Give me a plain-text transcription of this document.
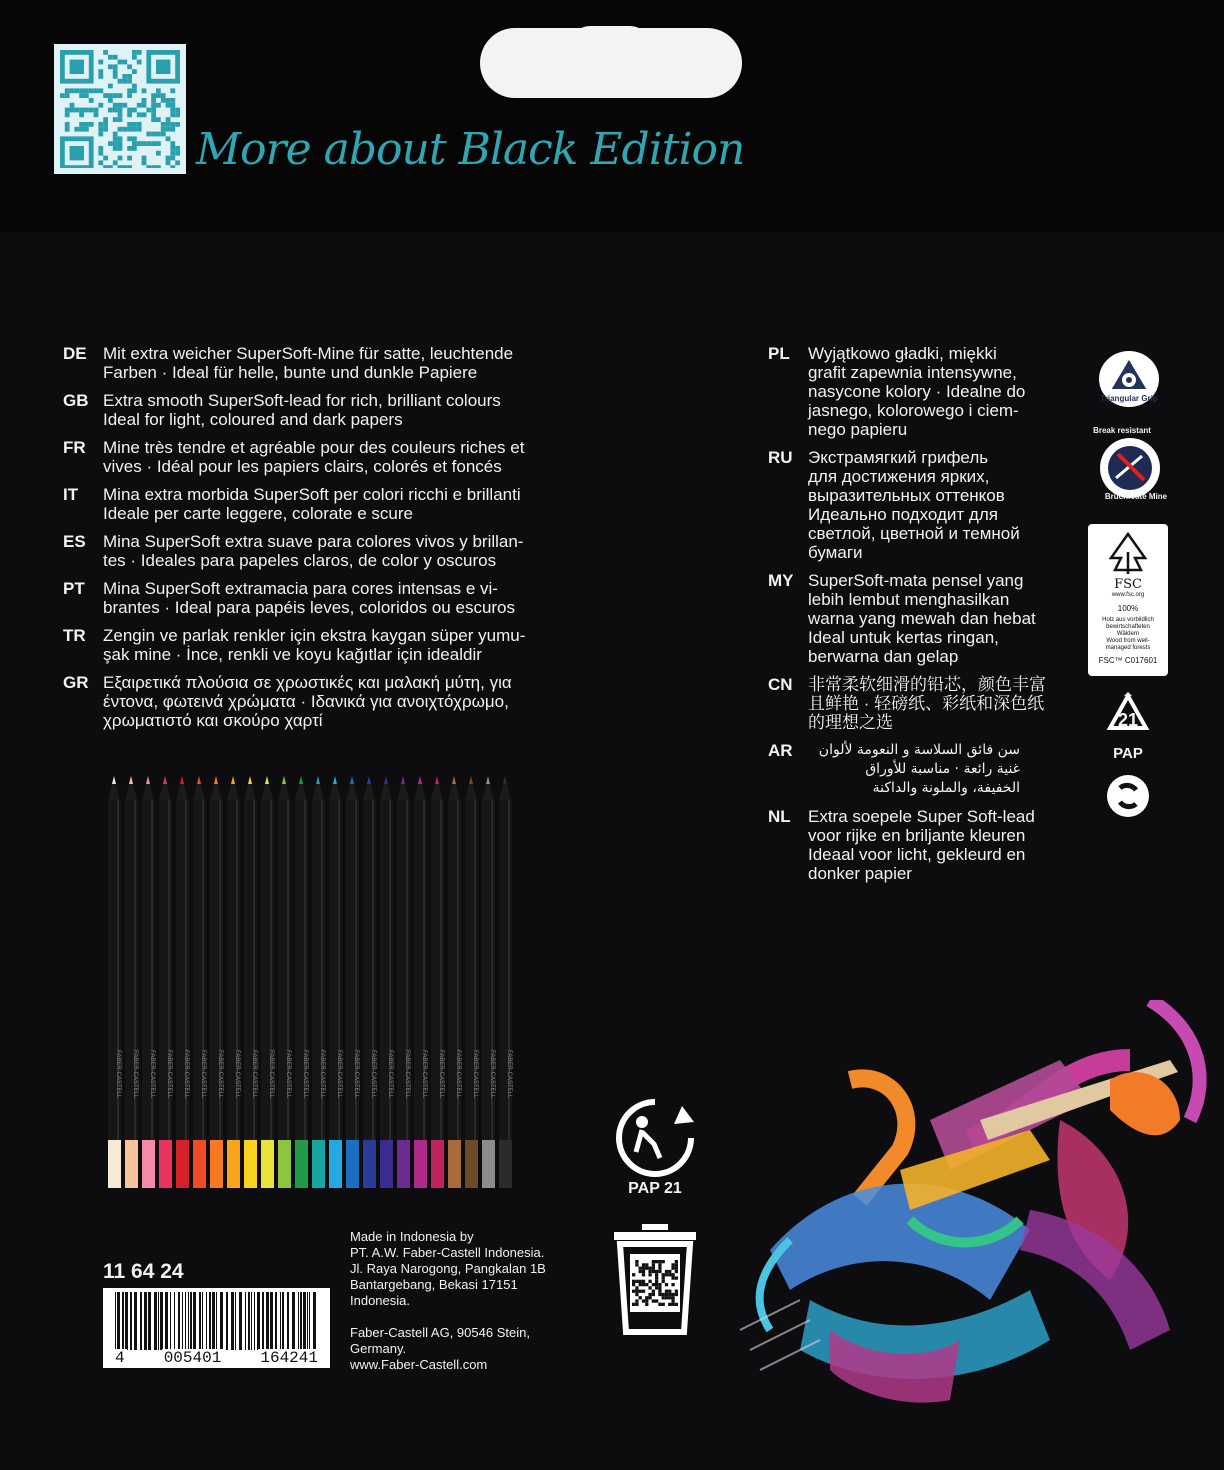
More about Black Edition
DE Mit extra weicher SuperSoft-Mine für satte, leuchtende
Farben · Ideal für helle, bunte und dunkle Papiere
GB Extra smooth SuperSoft-lead for rich, brilliant colours
Ideal for light, coloured and dark papers
FR	Mine très tendre et agréable pour des couleurs riches et
vives · Idéal pour les papiers clairs, colorés et foncés
IT	Mina extra morbida SuperSoft per colori ricchi e brillanti
Ideale per carte leggere, colorate e scure
ES	Mina SuperSoft extra suave para colores vivos y brillan-
tes · Ideales para papeles claros, de color y oscuros
PT	Mina SuperSoft extramacia para cores intensas e vi-
brantes · Ideal para papéis leves, coloridos ou escuros
TR	Zengin ve parlak renkler için ekstra kaygan süper yumu-
şak mine · İnce, renkli ve koyu kağıtlar için idealdir
GR Εξαιρετικά πλούσια σε χρωστικές και μαλακή μύτη, για
έντονα, φωτεινά χρώματα · Ιδανικά για ανοιχτόχρωμο,
χρωματιστό και σκούρο χαρτί
PL	Wyjątkowo gładki, miękki
grafit zapewnia intensywne,
nasycone kolory · Idealne do
jasnego, kolorowego i ciem-
nego papieru
RU Экстрамягкий грифель
для достижения ярких,
выразительных оттенков
Идеально подходит для
светлой, цветной и темной
бумаги
MY SuperSoft-mata pensel yang
lebih lembut menghasilkan
warna yang mewah dan hebat
Ideal untuk kertas ringan,
berwarna dan gelap
CN 非常柔软细滑的铅芯，颜色丰富
且鲜艳 · 轻磅纸、彩纸和深色纸
的理想之选
AR	سن فائق السلاسة و النعومة لألوان
غنية رائعة · مناسبة للأوراق
الخفيفة، والملونة والداكنة
NL	Extra soepele Super Soft-lead
voor rijke en briljante kleuren
Ideaal voor licht, gekleurd en
donker papier
Triangular Grip
Break resistant
Bruchfeste Mine
FSC
www.fsc.org
100%
Holz aus vorbildlich
bewirtschafteten
Wäldern
Wood from well-
managed forests
FSC™ C017601
21
PAP
FABER-CASTELL FABER-CASTELL FABER-CASTELL FABER-CASTELL FABER-CASTELL FABER-CASTELL FABER-CASTELL FABER-CASTELL FABER-CASTELL FABER-CASTELL FABER-CASTELL FABER-CASTELL FABER-CASTELL FABER-CASTELL FABER-CASTELL FABER-CASTELL FABER-CASTELL FABER-CASTELL FABER-CASTELL FABER-CASTELL FABER-CASTELL FABER-CASTELL FABER-CASTELL FABER-CASTELL
PAP 21
11 64 24
4 005401 164241
Made in Indonesia by
PT. A.W. Faber-Castell Indonesia.
Jl. Raya Narogong, Pangkalan 1B
Bantargebang, Bekasi 17151
Indonesia.
Faber-Castell AG, 90546 Stein,
Germany.
www.Faber-Castell.com
